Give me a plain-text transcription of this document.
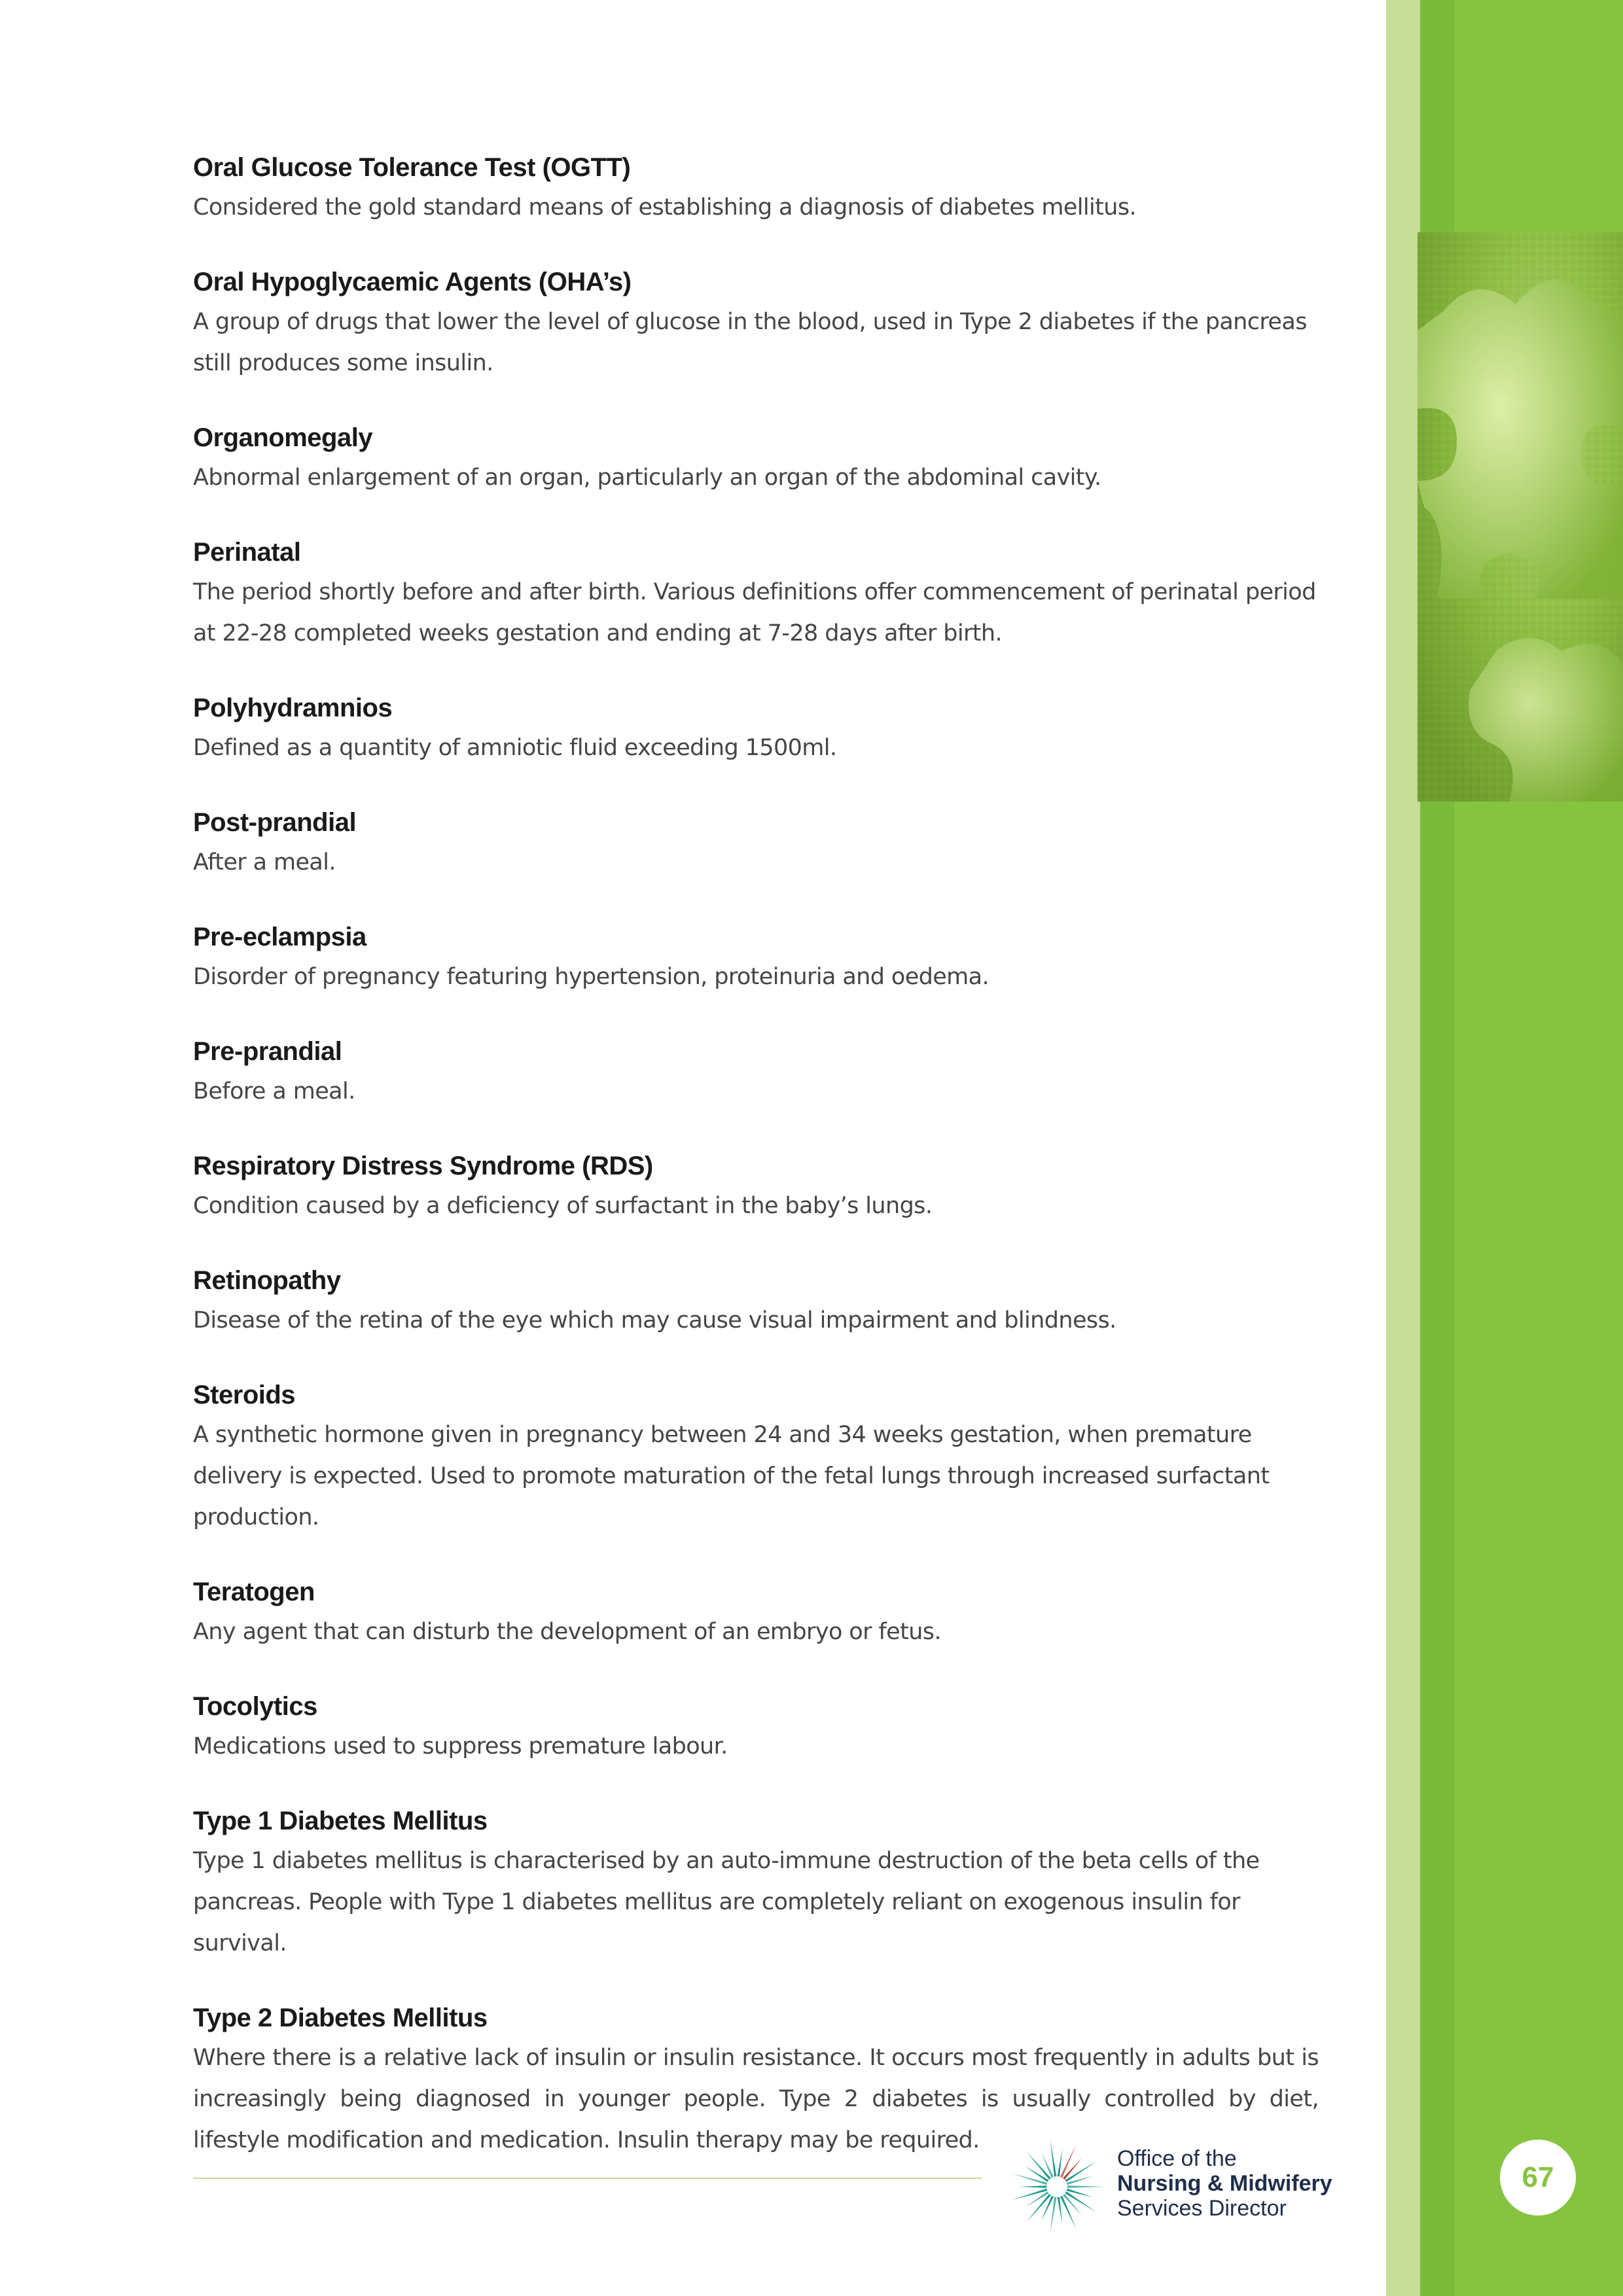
Oral Glucose Tolerance Test (OGTT)

Considered the gold standard means of establishing a diagnosis of diabetes mellitus.

Oral Hypoglycaemic Agents (OHA’s)

A group of drugs that lower the level of glucose in the blood, used in Type 2 diabetes if the pancreas still produces some insulin.

Organomegaly

Abnormal enlargement of an organ, particularly an organ of the abdominal cavity.

Perinatal

The period shortly before and after birth. Various definitions offer commencement of perinatal period at 22-28 completed weeks gestation and ending at 7-28 days after birth.

Polyhydramnios

Defined as a quantity of amniotic fluid exceeding 1500ml.

Post-prandial

After a meal.

Pre-eclampsia

Disorder of pregnancy featuring hypertension, proteinuria and oedema.

Pre-prandial

Before a meal.

Respiratory Distress Syndrome (RDS)

Condition caused by a deficiency of surfactant in the baby’s lungs.

Retinopathy

Disease of the retina of the eye which may cause visual impairment and blindness.

Steroids

A synthetic hormone given in pregnancy between 24 and 34 weeks gestation, when premature delivery is expected. Used to promote maturation of the fetal lungs through increased surfactant production.

Teratogen

Any agent that can disturb the development of an embryo or fetus.

Tocolytics

Medications used to suppress premature labour.

Type 1 Diabetes Mellitus

Type 1 diabetes mellitus is characterised by an auto-immune destruction of the beta cells of the pancreas. People with Type 1 diabetes mellitus are completely reliant on exogenous insulin for survival.

Type 2 Diabetes Mellitus

Where there is a relative lack of insulin or insulin resistance. It occurs most frequently in adults but is increasingly being diagnosed in younger people. Type 2 diabetes is usually controlled by diet, lifestyle modification and medication. Insulin therapy may be required.

Office of the
Nursing & Midwifery
Services Director
67
